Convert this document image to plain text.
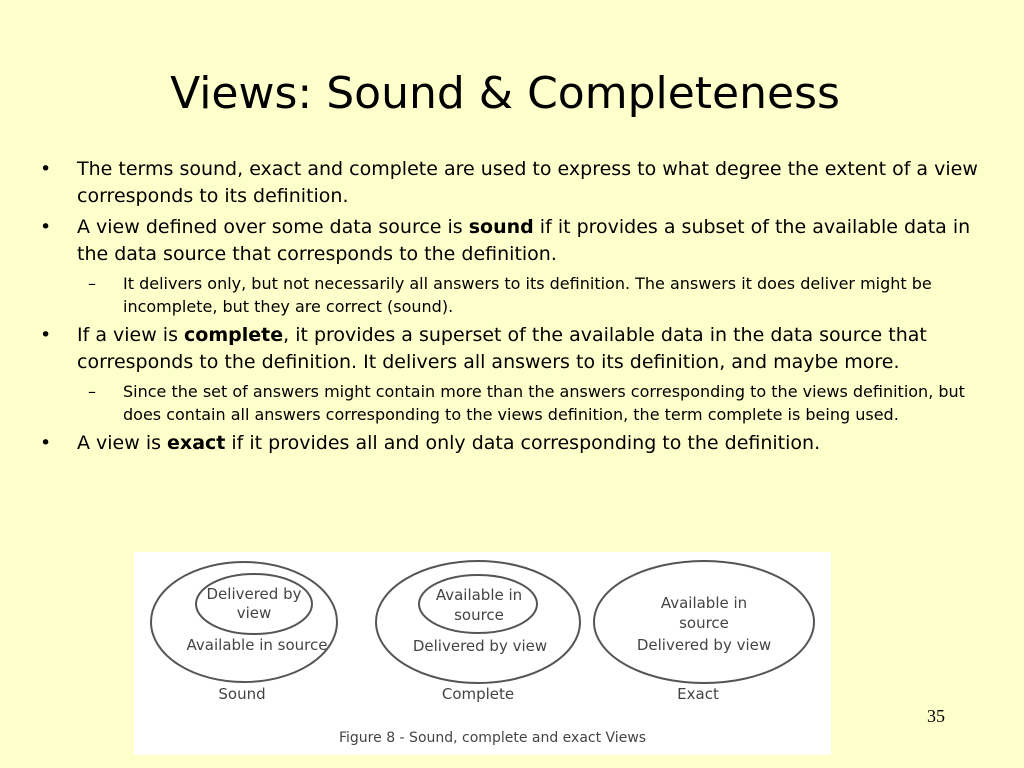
Views: Sound & Completeness
• The terms sound, exact and complete are used to express to what degree the extent of a view corresponds to its definition.
• A view defined over some data source is sound if it provides a subset of the available data in the data source that corresponds to the definition.
– It delivers only, but not necessarily all answers to its definition. The answers it does deliver might be incomplete, but they are correct (sound).
• If a view is complete, it provides a superset of the available data in the data source that corresponds to the definition. It delivers all answers to its definition, and maybe more.
– Since the set of answers might contain more than the answers corresponding to the views definition, but does contain all answers corresponding to the views definition, the term complete is being used.
• A view is exact if it provides all and only data corresponding to the definition.
Delivered by
view
Available in source
Sound
Available in
source
Delivered by view
Complete
Available in
source
Delivered by view
Exact
Figure 8 - Sound, complete and exact Views
35
